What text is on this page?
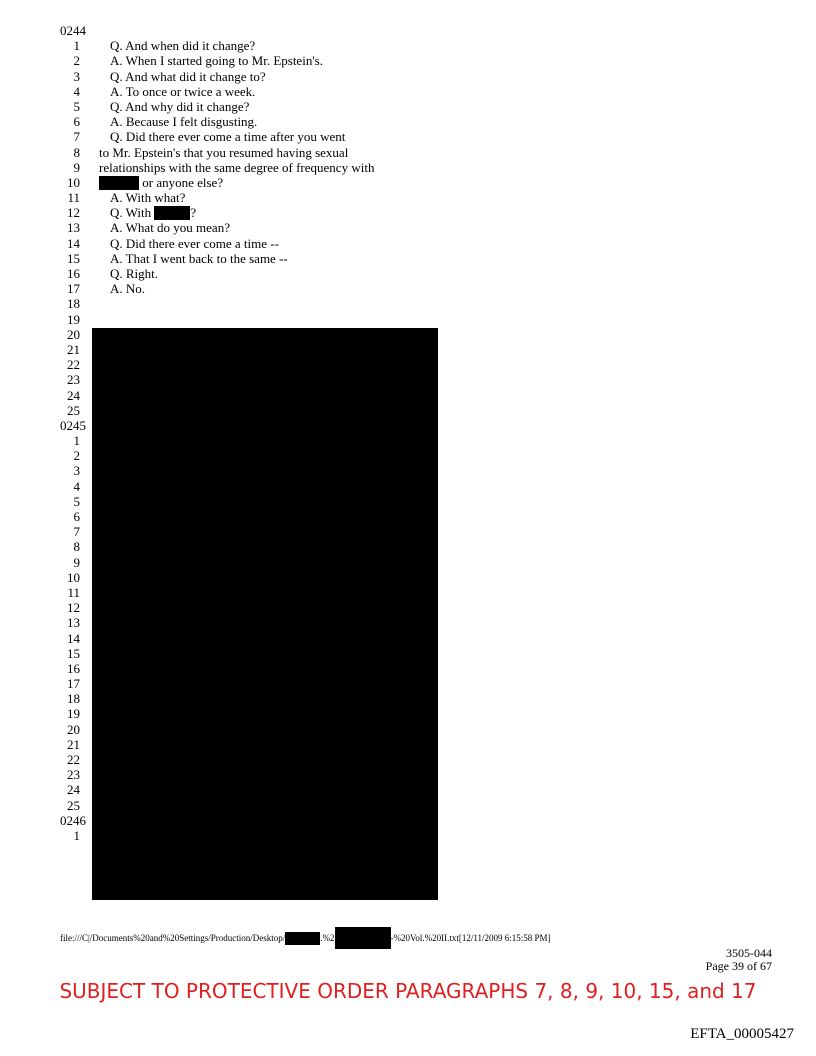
0244
1 Q. And when did it change?
2 A. When I started going to Mr. Epstein's.
3 Q. And what did it change to?
4 A. To once or twice a week.
5 Q. And why did it change?
6 A. Because I felt disgusting.
7 Q. Did there ever come a time after you went
8 to Mr. Epstein's that you resumed having sexual
9 relationships with the same degree of frequency with
10	or anyone else?
11 A. With what?
12 Q. With	?
13 A. What do you mean?
14 Q. Did there ever come a time --
15 A. That I went back to the same --
16 Q. Right.
17 A. No.
18
19
20
21
22
23
24
25
0245
1
2
3
4
5
6
7
8
9
10
11
12
13
14
15
16
17
18
19
20
21
22
23
24
25
0246
1
file:///C|/Documents%20and%20Settings/Production/Desktop/	.%2	-%20Vol.%20II.txt[12/11/2009 6:15:58 PM]
3505-044
Page 39 of 67
SUBJECT TO PROTECTIVE ORDER PARAGRAPHS 7, 8, 9, 10, 15, and 17
EFTA_00005427
